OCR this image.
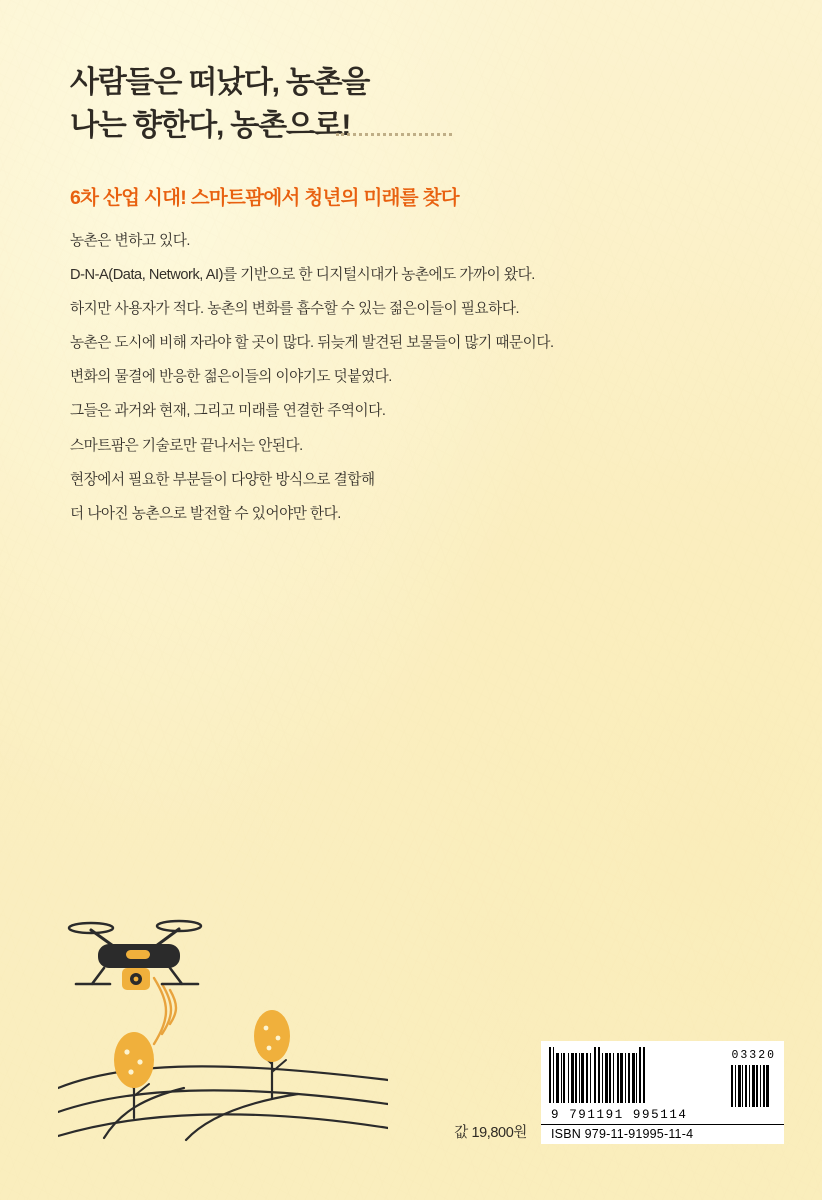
사람들은 떠났다, 농촌을
나는 향한다, 농촌으로!
6차 산업 시대! 스마트팜에서 청년의 미래를 찾다
농촌은 변하고 있다.
D-N-A(Data, Network, AI)를 기반으로 한 디지털시대가 농촌에도 가까이 왔다.
하지만 사용자가 적다. 농촌의 변화를 흡수할 수 있는 젊은이들이 필요하다.
농촌은 도시에 비해 자라야 할 곳이 많다. 뒤늦게 발견된 보물들이 많기 때문이다.
변화의 물결에 반응한 젊은이들의 이야기도 덧붙였다.
그들은 과거와 현재, 그리고 미래를 연결한 주역이다.
스마트팜은 기술로만 끝나서는 안된다.
현장에서 필요한 부분들이 다양한 방식으로 결합해
더 나아진 농촌으로 발전할 수 있어야만 한다.
값 19,800원
03320
9 791191 995114
ISBN 979-11-91995-11-4
